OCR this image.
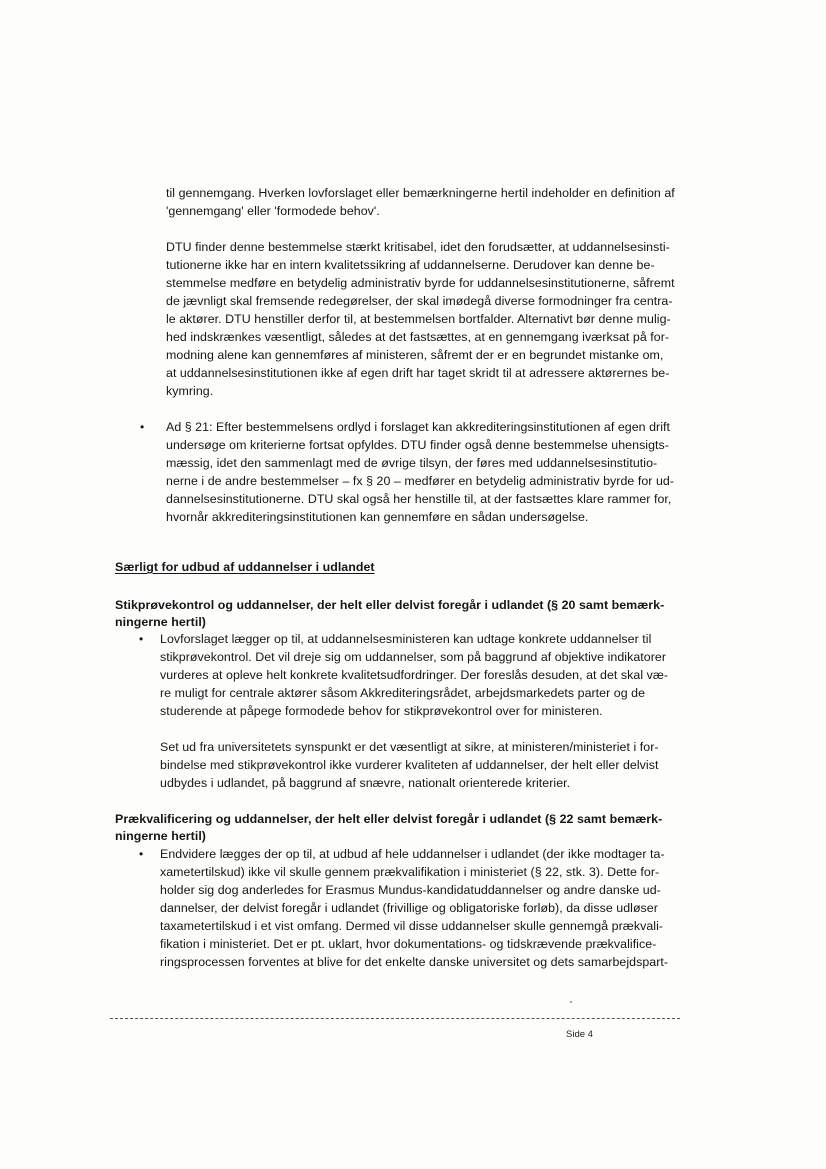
til gennemgang. Hverken lovforslaget eller bemærkningerne hertil indeholder en definition af
'gennemgang' eller 'formodede behov'.
DTU finder denne bestemmelse stærkt kritisabel, idet den forudsætter, at uddannelsesinsti-
tutionerne ikke har en intern kvalitetssikring af uddannelserne. Derudover kan denne be-
stemmelse medføre en betydelig administrativ byrde for uddannelsesinstitutionerne, såfremt
de jævnligt skal fremsende redegørelser, der skal imødegå diverse formodninger fra centra-
le aktører. DTU henstiller derfor til, at bestemmelsen bortfalder. Alternativt bør denne mulig-
hed indskrænkes væsentligt, således at det fastsættes, at en gennemgang iværksat på for-
modning alene kan gennemføres af ministeren, såfremt der er en begrundet mistanke om,
at uddannelsesinstitutionen ikke af egen drift har taget skridt til at adressere aktørernes be-
kymring.
• Ad § 21: Efter bestemmelsens ordlyd i forslaget kan akkrediteringsinstitutionen af egen drift
undersøge om kriterierne fortsat opfyldes. DTU finder også denne bestemmelse uhensigts-
mæssig, idet den sammenlagt med de øvrige tilsyn, der føres med uddannelsesinstitutio-
nerne i de andre bestemmelser – fx § 20 – medfører en betydelig administrativ byrde for ud-
dannelsesinstitutionerne. DTU skal også her henstille til, at der fastsættes klare rammer for,
hvornår akkrediteringsinstitutionen kan gennemføre en sådan undersøgelse.
Særligt for udbud af uddannelser i udlandet
Stikprøvekontrol og uddannelser, der helt eller delvist foregår i udlandet (§ 20 samt bemærk-
ningerne hertil)
• Lovforslaget lægger op til, at uddannelsesministeren kan udtage konkrete uddannelser til
stikprøvekontrol. Det vil dreje sig om uddannelser, som på baggrund af objektive indikatorer
vurderes at opleve helt konkrete kvalitetsudfordringer. Der foreslås desuden, at det skal væ-
re muligt for centrale aktører såsom Akkrediteringsrådet, arbejdsmarkedets parter og de
studerende at påpege formodede behov for stikprøvekontrol over for ministeren.
Set ud fra universitetets synspunkt er det væsentligt at sikre, at ministeren/ministeriet i for-
bindelse med stikprøvekontrol ikke vurderer kvaliteten af uddannelser, der helt eller delvist
udbydes i udlandet, på baggrund af snævre, nationalt orienterede kriterier.
Prækvalificering og uddannelser, der helt eller delvist foregår i udlandet (§ 22 samt bemærk-
ningerne hertil)
• Endvidere lægges der op til, at udbud af hele uddannelser i udlandet (der ikke modtager ta-
xametertilskud) ikke vil skulle gennem prækvalifikation i ministeriet (§ 22, stk. 3). Dette for-
holder sig dog anderledes for Erasmus Mundus-kandidatuddannelser og andre danske ud-
dannelser, der delvist foregår i udlandet (frivillige og obligatoriske forløb), da disse udløser
taxametertilskud i et vist omfang. Dermed vil disse uddannelser skulle gennemgå prækvali-
fikation i ministeriet. Det er pt. uklart, hvor dokumentations- og tidskrævende prækvalifice-
ringsprocessen forventes at blive for det enkelte danske universitet og dets samarbejdspart-
Side 4
